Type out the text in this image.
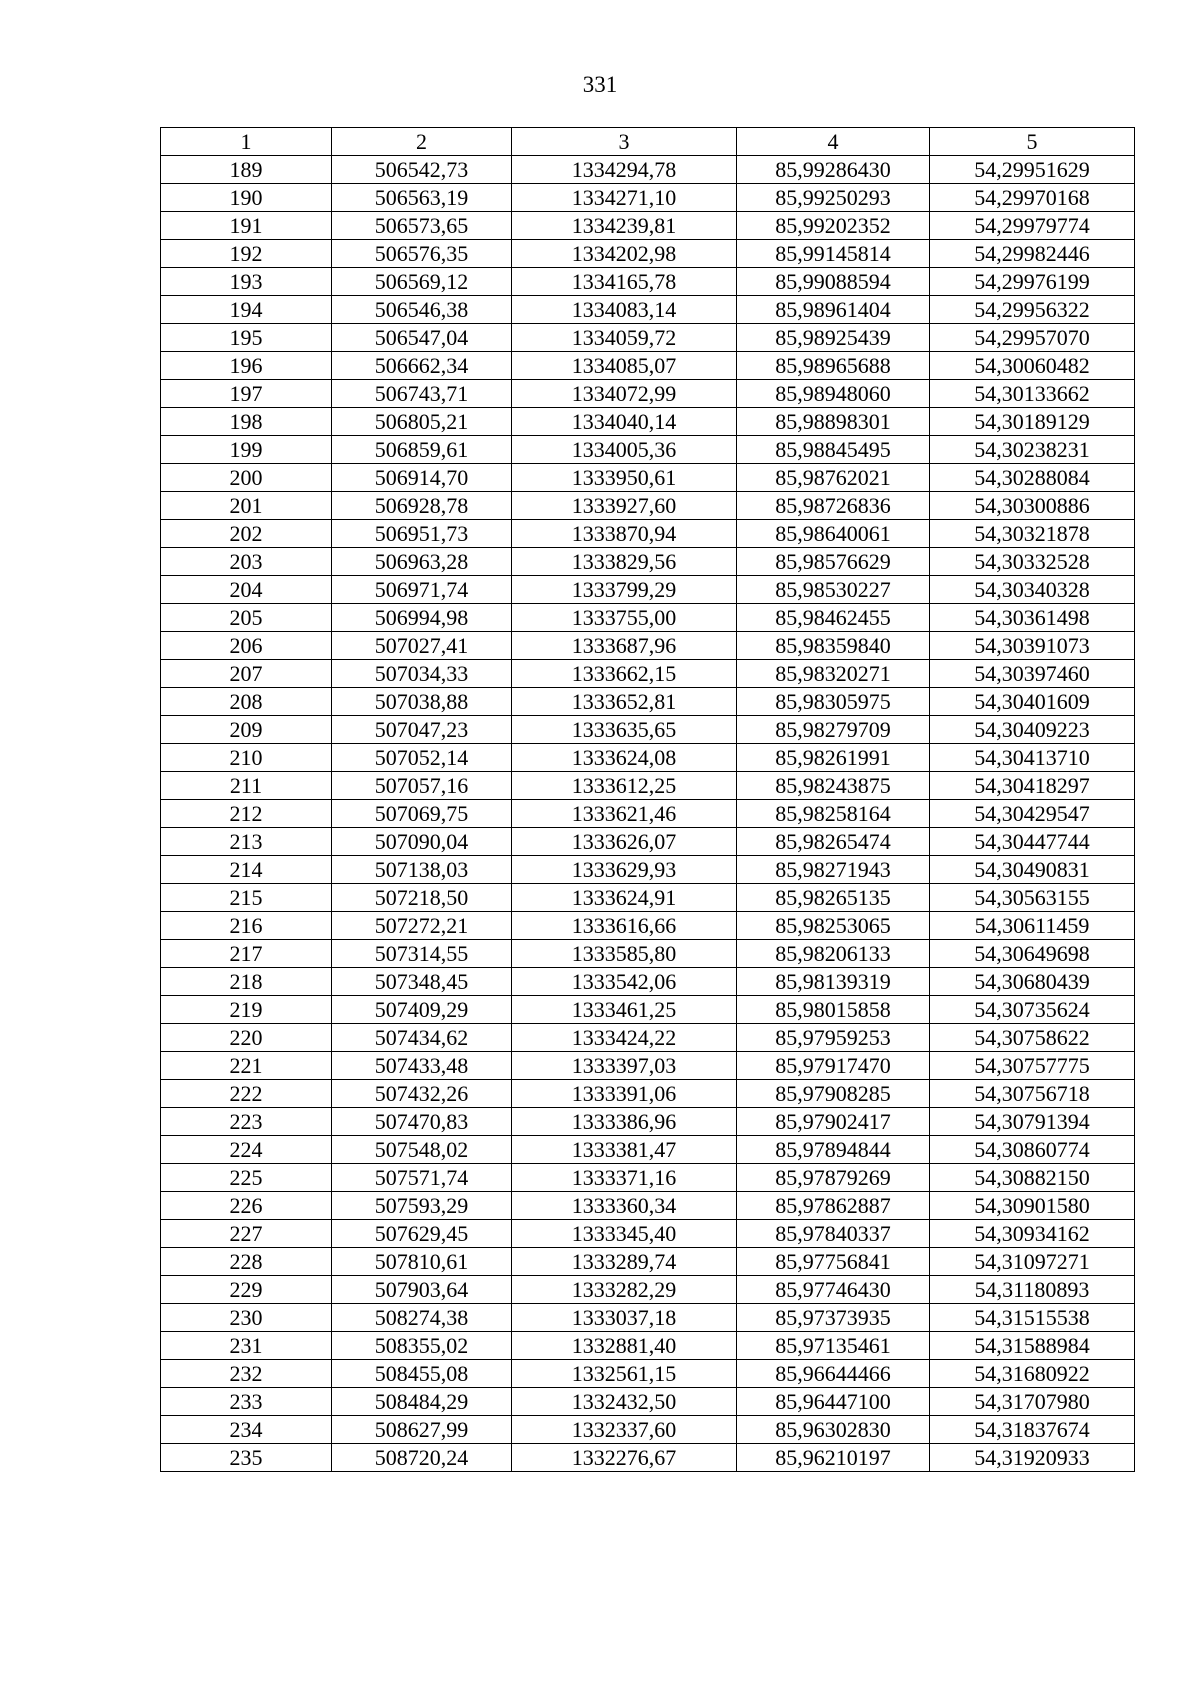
331
1	2	3	4	5
189	506542,73	1334294,78	85,99286430	54,29951629
190	506563,19	1334271,10	85,99250293	54,29970168
191	506573,65	1334239,81	85,99202352	54,29979774
192	506576,35	1334202,98	85,99145814	54,29982446
193	506569,12	1334165,78	85,99088594	54,29976199
194	506546,38	1334083,14	85,98961404	54,29956322
195	506547,04	1334059,72	85,98925439	54,29957070
196	506662,34	1334085,07	85,98965688	54,30060482
197	506743,71	1334072,99	85,98948060	54,30133662
198	506805,21	1334040,14	85,98898301	54,30189129
199	506859,61	1334005,36	85,98845495	54,30238231
200	506914,70	1333950,61	85,98762021	54,30288084
201	506928,78	1333927,60	85,98726836	54,30300886
202	506951,73	1333870,94	85,98640061	54,30321878
203	506963,28	1333829,56	85,98576629	54,30332528
204	506971,74	1333799,29	85,98530227	54,30340328
205	506994,98	1333755,00	85,98462455	54,30361498
206	507027,41	1333687,96	85,98359840	54,30391073
207	507034,33	1333662,15	85,98320271	54,30397460
208	507038,88	1333652,81	85,98305975	54,30401609
209	507047,23	1333635,65	85,98279709	54,30409223
210	507052,14	1333624,08	85,98261991	54,30413710
211	507057,16	1333612,25	85,98243875	54,30418297
212	507069,75	1333621,46	85,98258164	54,30429547
213	507090,04	1333626,07	85,98265474	54,30447744
214	507138,03	1333629,93	85,98271943	54,30490831
215	507218,50	1333624,91	85,98265135	54,30563155
216	507272,21	1333616,66	85,98253065	54,30611459
217	507314,55	1333585,80	85,98206133	54,30649698
218	507348,45	1333542,06	85,98139319	54,30680439
219	507409,29	1333461,25	85,98015858	54,30735624
220	507434,62	1333424,22	85,97959253	54,30758622
221	507433,48	1333397,03	85,97917470	54,30757775
222	507432,26	1333391,06	85,97908285	54,30756718
223	507470,83	1333386,96	85,97902417	54,30791394
224	507548,02	1333381,47	85,97894844	54,30860774
225	507571,74	1333371,16	85,97879269	54,30882150
226	507593,29	1333360,34	85,97862887	54,30901580
227	507629,45	1333345,40	85,97840337	54,30934162
228	507810,61	1333289,74	85,97756841	54,31097271
229	507903,64	1333282,29	85,97746430	54,31180893
230	508274,38	1333037,18	85,97373935	54,31515538
231	508355,02	1332881,40	85,97135461	54,31588984
232	508455,08	1332561,15	85,96644466	54,31680922
233	508484,29	1332432,50	85,96447100	54,31707980
234	508627,99	1332337,60	85,96302830	54,31837674
235	508720,24	1332276,67	85,96210197	54,31920933
